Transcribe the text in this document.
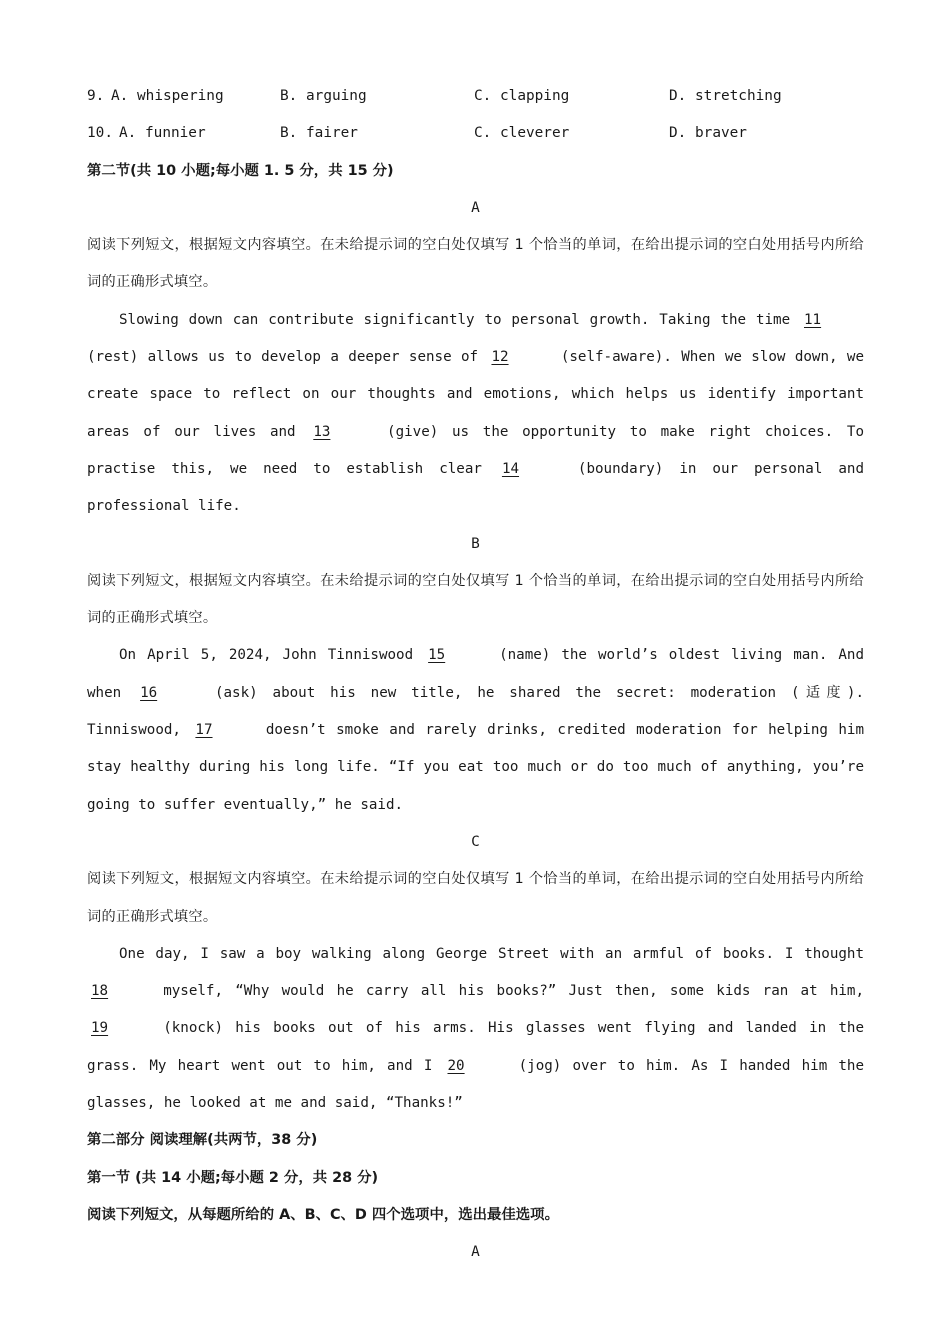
9. A. whispering	B. arguing	C. clapping	D. stretching
10. A. funnier	B. fairer	C. cleverer	D. braver
第二节(共 10 小题;每小题 1. 5 分，共 15 分)
A
阅读下列短文，根据短文内容填空。在未给提示词的空白处仅填写 1 个恰当的单词，在给出提示词的空白处用括号内所给词的正确形式填空。
Slowing down can contribute significantly to personal growth. Taking the time 11 (rest) allows us to develop a deeper sense of 12	(self-aware). When we slow down, we create space to reflect on our thoughts and emotions, which helps us identify important areas of our lives and 13	(give) us the opportunity to make right choices. To practise this, we need to establish clear 14	(boundary) in our personal and professional life.
B
阅读下列短文，根据短文内容填空。在未给提示词的空白处仅填写 1 个恰当的单词，在给出提示词的空白处用括号内所给词的正确形式填空。
On April 5, 2024, John Tinniswood 15	(name) the world’s oldest living man. And when 16	(ask) about his new title, he shared the secret: moderation (适度). Tinniswood, 17	doesn’t smoke and rarely drinks, credited moderation for helping him stay healthy during his long life. “If you eat too much or do too much of anything, you’re going to suffer eventually,” he said.
C
阅读下列短文，根据短文内容填空。在未给提示词的空白处仅填写 1 个恰当的单词，在给出提示词的空白处用括号内所给词的正确形式填空。
One day, I saw a boy walking along George Street with an armful of books. I thought 18	myself, “Why would he carry all his books?” Just then, some kids ran at him, 19	(knock) his books out of his arms. His glasses went flying and landed in the grass. My heart went out to him, and I 20	(jog) over to him. As I handed him the glasses, he looked at me and said, “Thanks!”
第二部分 阅读理解(共两节，38 分)
第一节 (共 14 小题;每小题 2 分，共 28 分)
阅读下列短文，从每题所给的 A、B、C、D 四个选项中，选出最佳选项。
A
